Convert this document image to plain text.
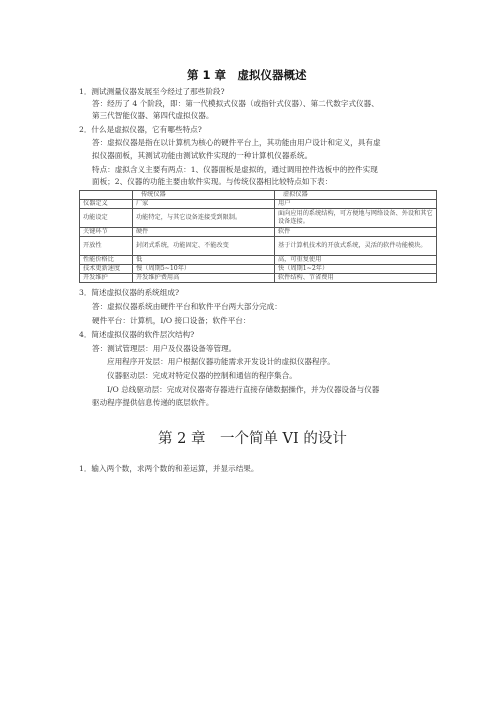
第 1 章　虚拟仪器概述
1．测试测量仪器发展至今经过了那些阶段?
答：经历了 4 个阶段，即：第一代模拟式仪器（或指针式仪器）、第二代数字式仪器、
第三代智能仪器、第四代虚拟仪器。
2．什么是虚拟仪器，它有哪些特点?
答：虚拟仪器是指在以计算机为核心的硬件平台上，其功能由用户设计和定义，具有虚
拟仪器面板，其测试功能由测试软件实现的一种计算机仪器系统。
特点：虚拟含义主要有两点：1、仪器面板是虚拟的，通过调用控件选板中的控件实现
面板；2、仪器的功能主要由软件实现。与传统仪器相比较特点如下表：
	传统仪器	虚拟仪器
仪器定义	厂家	用户
功能设定	功能特定，与其它设备连接受到限制。	面向应用的系统结构，可方便地与网络设备、外设和其它设备连接。
关键环节	硬件	软件
开放性	封闭式系统，功能固定、不能改变	基于计算机技术的开放式系统，灵活的软件功能模块。
性能价格比	低	高，可重复使用
技术更新速度	慢（周期5~10年）	快（周期1~2年）
开发维护	开发维护费用高	软件结构、节省费用
3．简述虚拟仪器的系统组成?
答：虚拟仪器系统由硬件平台和软件平台两大部分完成：
硬件平台：计算机，I/O 接口设备；软件平台：
4．简述虚拟仪器的软件层次结构?
答：测试管理层：用户及仪器设备等管理。
应用程序开发层：用户根据仪器功能需求开发设计的虚拟仪器程序。
仪器驱动层：完成对特定仪器的控制和通信的程序集合。
I/O 总线驱动层：完成对仪器寄存器进行直接存储数据操作，并为仪器设备与仪器
驱动程序提供信息传递的底层软件。
第 2 章　一个简单 VI 的设计
1．输入两个数，求两个数的和差运算，并显示结果。
